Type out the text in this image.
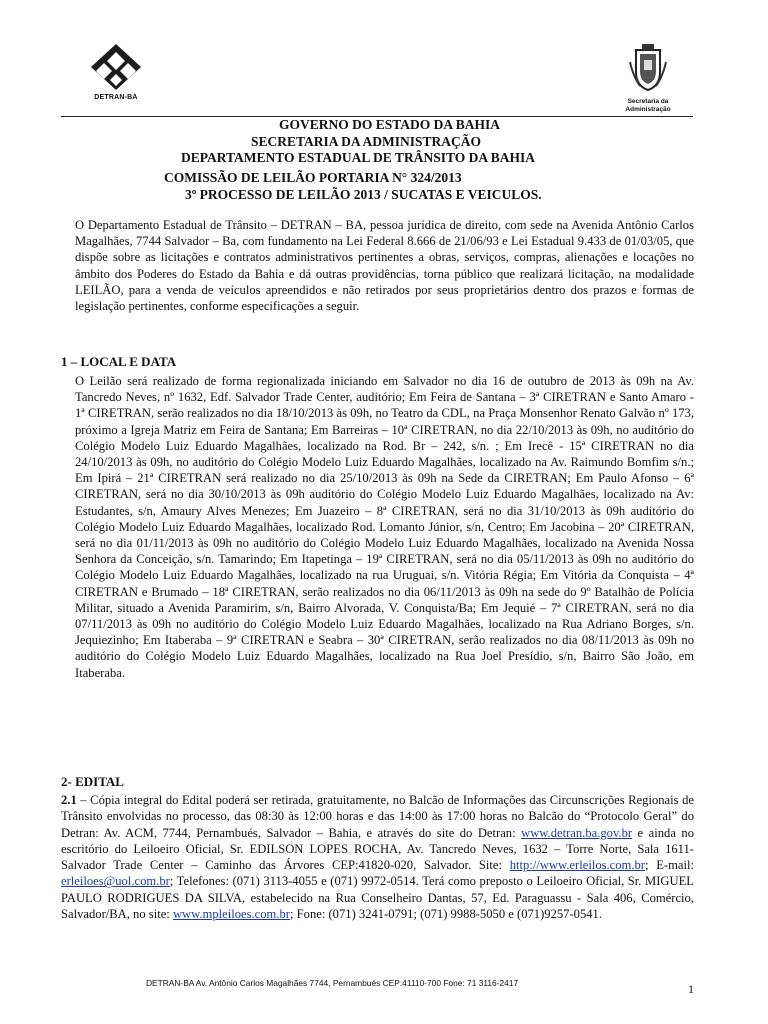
DETRAN-BA
Secretaria da
Administração
GOVERNO DO ESTADO DA BAHIA
SECRETARIA DA ADMINISTRAÇÃO
DEPARTAMENTO ESTADUAL DE TRÂNSITO DA BAHIA
COMISSÃO DE LEILÃO PORTARIA N° 324/2013
3º PROCESSO DE LEILÃO 2013 / SUCATAS E VEICULOS.
O Departamento Estadual de Trânsito – DETRAN – BA, pessoa jurídica de direito, com sede na Avenida Antônio Carlos Magalhães, 7744 Salvador – Ba, com fundamento na Lei Federal 8.666 de 21/06/93 e Lei Estadual 9.433 de 01/03/05, que dispõe sobre as licitações e contratos administrativos pertinentes a obras, serviços, compras, alienações e locações no âmbito dos Poderes do Estado da Bahia e dá outras providências, torna público que realizará licitação, na modalidade LEILÃO, para a venda de veículos apreendidos e não retirados por seus proprietários dentro dos prazos e formas de legislação pertinentes, conforme especificações a seguir.
1 – LOCAL E DATA
O Leilão será realizado de forma regionalizada iniciando em Salvador no dia 16 de outubro de 2013 às 09h na Av. Tancredo Neves, nº 1632, Edf. Salvador Trade Center, auditório; Em Feira de Santana – 3ª CIRETRAN e Santo Amaro - 1ª CIRETRAN, serão realizados no dia 18/10/2013 às 09h, no Teatro da CDL, na Praça Monsenhor Renato Galvão nº 173, próximo a Igreja Matriz em Feira de Santana; Em Barreiras – 10ª CIRETRAN, no dia 22/10/2013 às 09h, no auditório do Colégio Modelo Luiz Eduardo Magalhães, localizado na Rod. Br – 242, s/n. ; Em Irecê - 15ª CIRETRAN no dia 24/10/2013 às 09h, no auditório do Colégio Modelo Luiz Eduardo Magalhães, localizado na Av. Raimundo Bomfim s/n.; Em Ipirá – 21ª CIRETRAN será realizado no dia 25/10/2013 às 09h na Sede da CIRETRAN; Em Paulo Afonso – 6ª CIRETRAN, será no dia 30/10/2013 às 09h auditório do Colégio Modelo Luiz Eduardo Magalhães, localizado na Av: Estudantes, s/n, Amaury Alves Menezes; Em Juazeiro – 8ª CIRETRAN, será no dia 31/10/2013 às 09h auditório do Colégio Modelo Luiz Eduardo Magalhães, localizado Rod. Lomanto Júnior, s/n, Centro; Em Jacobina – 20ª CIRETRAN, será no dia 01/11/2013 às 09h no auditório do Colégio Modelo Luiz Eduardo Magalhães, localizado na Avenida Nossa Senhora da Conceição, s/n. Tamarindo; Em Itapetinga – 19ª CIRETRAN, será no dia 05/11/2013 às 09h no auditório do Colégio Modelo Luiz Eduardo Magalhães, localizado na rua Uruguai, s/n. Vitória Régia; Em Vitória da Conquista – 4ª CIRETRAN e Brumado – 18ª CIRETRAN, serão realizados no dia 06/11/2013 às 09h na sede do 9º Batalhão de Polícia Militar, situado a Avenida Paramirim, s/n, Bairro Alvorada, V. Conquista/Ba; Em Jequié – 7ª CIRETRAN, será no dia 07/11/2013 às 09h no auditório do Colégio Modelo Luiz Eduardo Magalhães, localizado na Rua Adriano Borges, s/n. Jequiezinho; Em Itaberaba – 9ª CIRETRAN e Seabra – 30ª CIRETRAN, serão realizados no dia 08/11/2013 às 09h no auditório do Colégio Modelo Luiz Eduardo Magalhães, localizado na Rua Joel Presídio, s/n, Bairro São João, em Itaberaba.
2- EDITAL
2.1 – Cópia integral do Edital poderá ser retirada, gratuitamente, no Balcão de Informações das Circunscrições Regionais de Trânsito envolvidas no processo, das 08:30 às 12:00 horas e das 14:00 às 17:00 horas no Balcão do “Protocolo Geral” do Detran: Av. ACM, 7744, Pernambués, Salvador – Bahia, e através do site do Detran: www.detran.ba.gov.br e ainda no escritório do Leiloeiro Oficial, Sr. EDILSON LOPES ROCHA, Av. Tancredo Neves, 1632 – Torre Norte, Sala 1611- Salvador Trade Center – Caminho das Árvores CEP:41820-020, Salvador. Site: http://www.erleilos.com.br; E-mail: erleiloes@uol.com.br; Telefones: (071) 3113-4055 e (071) 9972-0514. Terá como preposto o Leiloeiro Oficial, Sr. MIGUEL PAULO RODRIGUES DA SILVA, estabelecido na Rua Conselheiro Dantas, 57, Ed. Paraguassu - Sala 406, Comércio, Salvador/BA, no site: www.mpleiloes.com.br; Fone: (071) 3241-0791; (071) 9988-5050 e (071)9257-0541.
DETRAN-BA Av. Antônio Carlos Magalhães 7744, Pernambués CEP:41110-700 Fone: 71 3116-2417	1
